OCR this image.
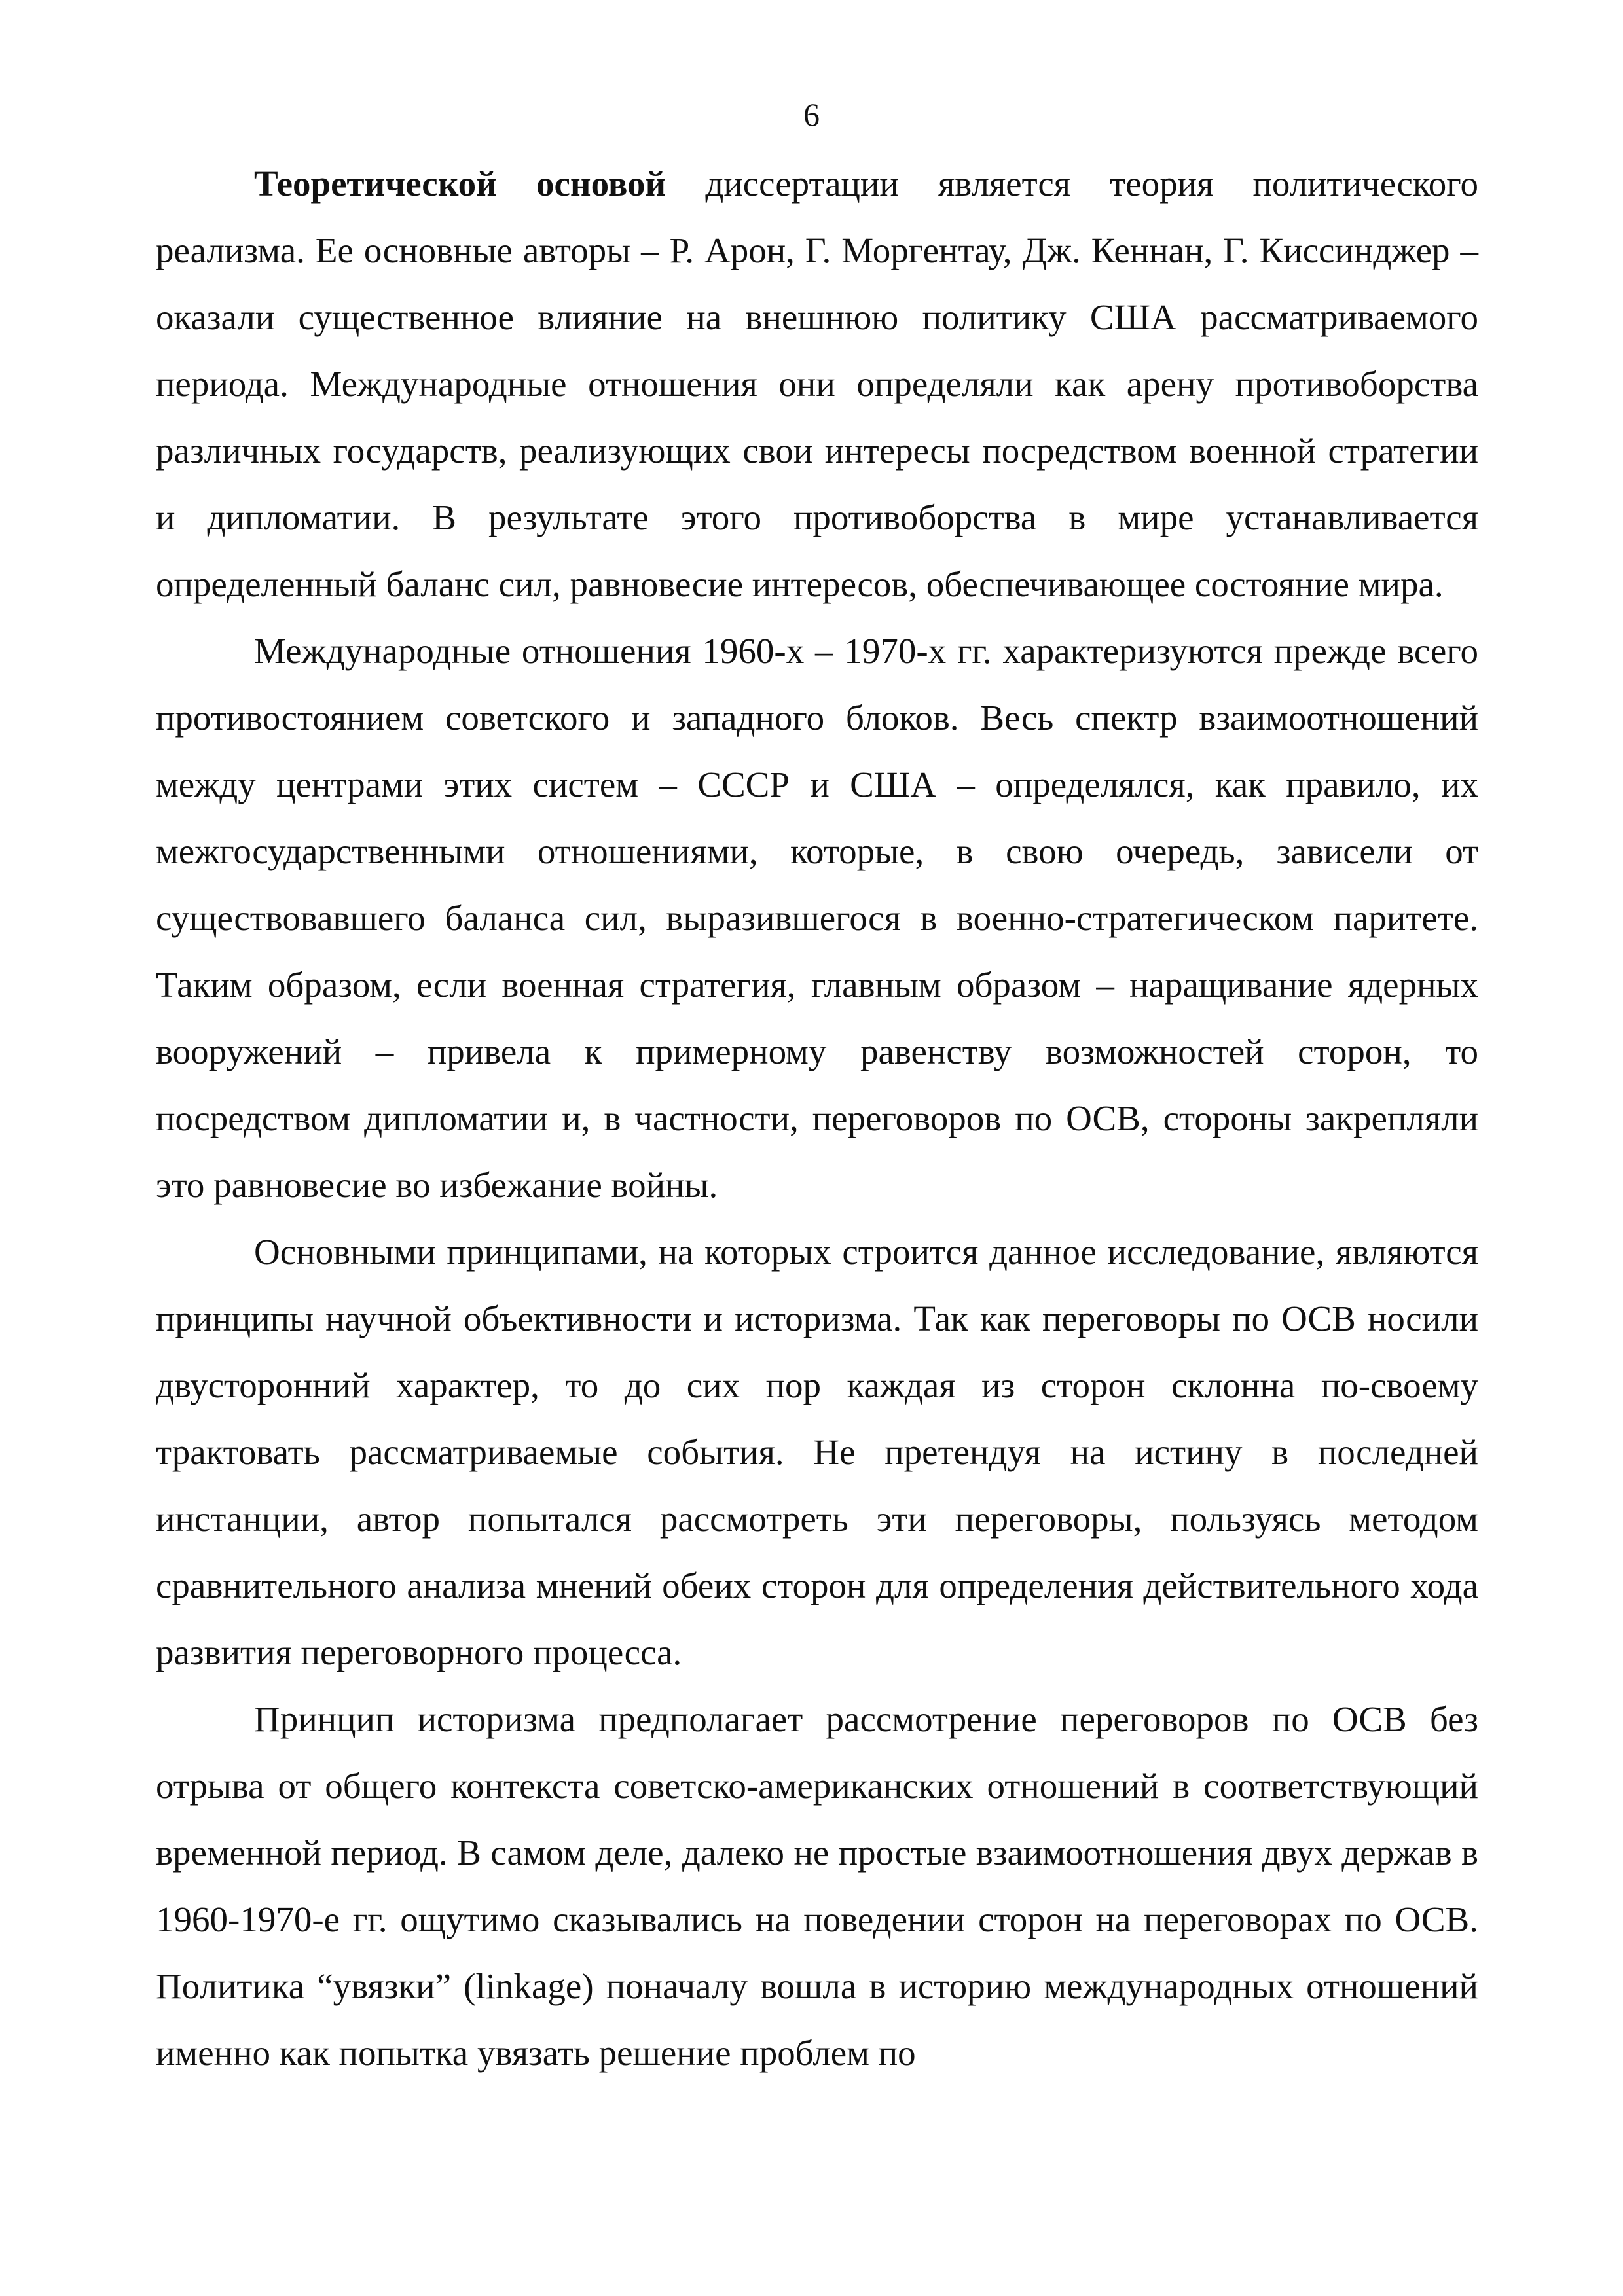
6

Теоретической основой диссертации является теория политического реализма. Ее основные авторы – Р. Арон, Г. Моргентау, Дж. Кеннан, Г. Киссинджер – оказали существенное влияние на внешнюю политику США рассматриваемого периода. Международные отношения они определяли как арену противоборства различных государств, реализующих свои интересы посредством военной стратегии и дипломатии. В результате этого противоборства в мире устанавливается определенный баланс сил, равновесие интересов, обеспечивающее состояние мира.

Международные отношения 1960-х – 1970-х гг. характеризуются прежде всего противостоянием советского и западного блоков. Весь спектр взаимоотношений между центрами этих систем – СССР и США – определялся, как правило, их межгосударственными отношениями, которые, в свою очередь, зависели от существовавшего баланса сил, выразившегося в военно-стратегическом паритете. Таким образом, если военная стратегия, главным образом – наращивание ядерных вооружений – привела к примерному равенству возможностей сторон, то посредством дипломатии и, в частности, переговоров по ОСВ, стороны закрепляли это равновесие во избежание войны.

Основными принципами, на которых строится данное исследование, являются принципы научной объективности и историзма. Так как переговоры по ОСВ носили двусторонний характер, то до сих пор каждая из сторон склонна по-своему трактовать рассматриваемые события. Не претендуя на истину в последней инстанции, автор попытался рассмотреть эти переговоры, пользуясь методом сравнительного анализа мнений обеих сторон для определения действительного хода развития переговорного процесса.

Принцип историзма предполагает рассмотрение переговоров по ОСВ без отрыва от общего контекста советско-американских отношений в соответствующий временной период. В самом деле, далеко не простые взаимоотношения двух держав в 1960-1970-е гг. ощутимо сказывались на поведении сторон на переговорах по ОСВ. Политика “увязки” (linkage) поначалу вошла в историю международных отношений именно как попытка увязать решение проблем по
